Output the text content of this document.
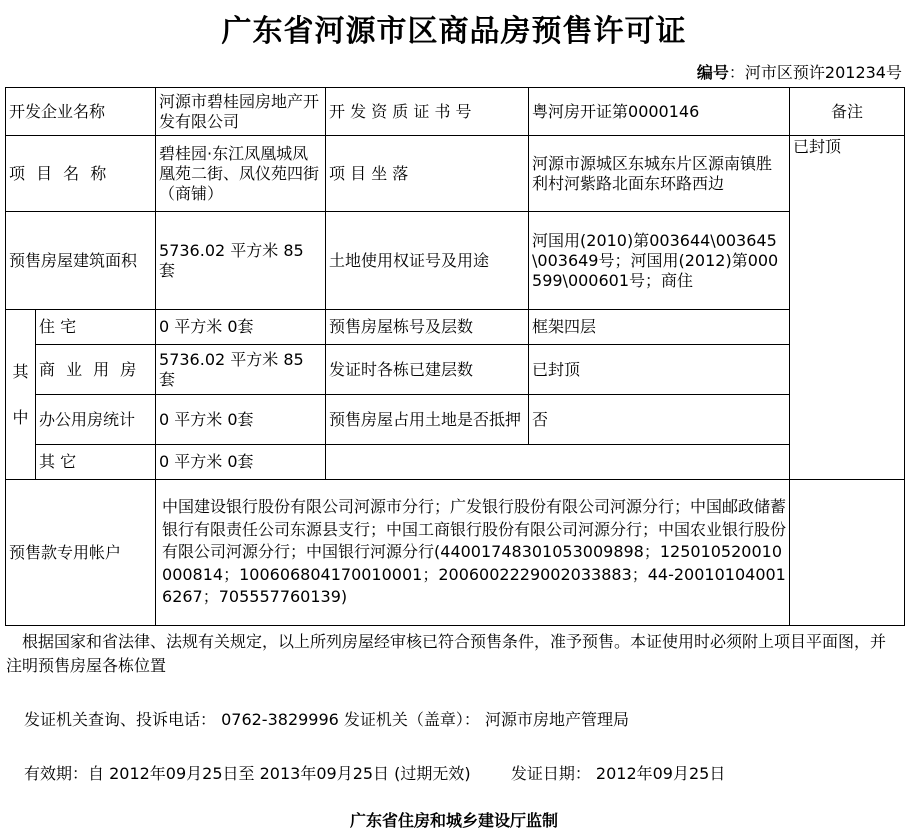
广东省河源市区商品房预售许可证
编号：河市区预许201234号
开发企业名称		河源市碧桂园房地产开发有限公司	开 发 资 质 证 书 号	粤河房开证第0000146	备注
项 目 名 称		碧桂园·东江凤凰城凤凰苑二街、凤仪苑四街（商铺）	项 目 坐 落	河源市源城区东城东片区源南镇胜利村河紫路北面东环路西边	已封顶
预售房屋建筑面积		5736.02 平方米 85 套	土地使用权证号及用途	河国用(2010)第003644\003645\003649号；河国用(2012)第000599\000601号；商住	
其
中	住 宅	0 平方米 0套	预售房屋栋号及层数	框架四层	
	商 业 用 房	5736.02 平方米 85 套	发证时各栋已建层数	已封顶	
	办公用房统计	0 平方米 0套	预售房屋占用土地是否抵押	否	
	其 它	0 平方米 0套			
预售款专用帐户		中国建设银行股份有限公司河源市分行；广发银行股份有限公司河源分行；中国邮政储蓄银行有限责任公司东源县支行；中国工商银行股份有限公司河源分行；中国农业银行股份有限公司河源分行；中国银行河源分行(44001748301053009898；125010520010000814；100606804170010001；2006002229002033883；44-200101040016267；705557760139)			
根据国家和省法律、法规有关规定，以上所列房屋经审核已符合预售条件，准予预售。本证使用时必须附上项目平面图，并注明预售房屋各栋位置
发证机关查询、投诉电话： 0762-3829996 发证机关（盖章）： 河源市房地产管理局
有效期：自 2012年09月25日至 2013年09月25日 (过期无效)	发证日期： 2012年09月25日
广东省住房和城乡建设厅监制
